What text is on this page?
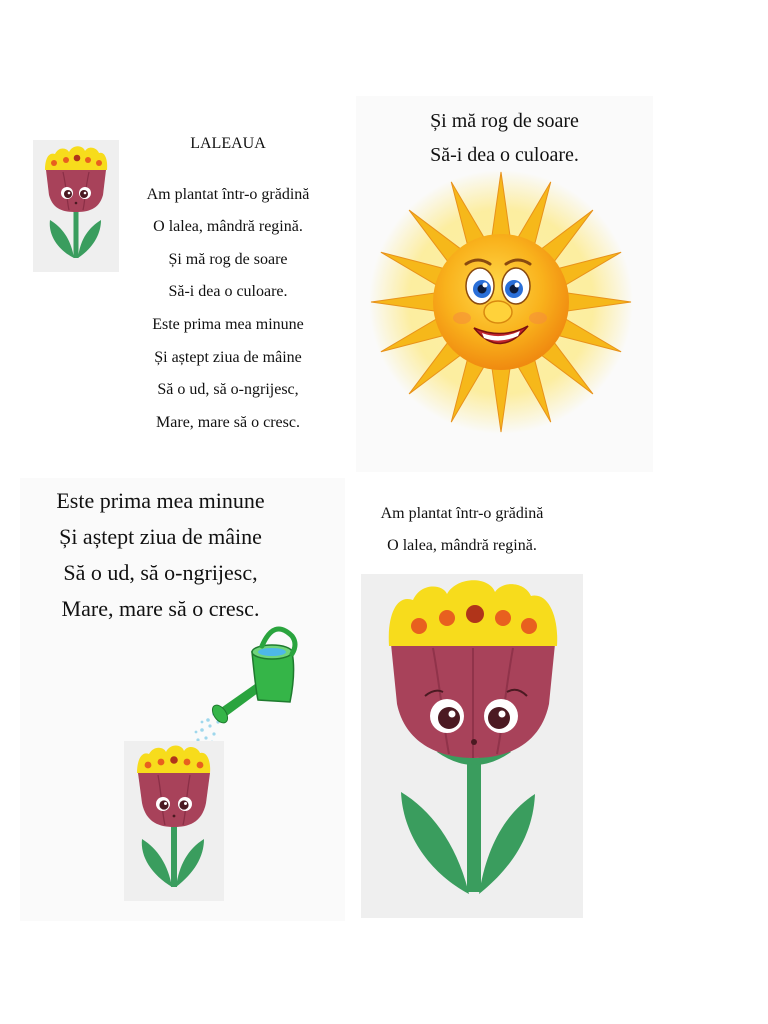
LALEAUA
Am plantat într-o grădină
O lalea, mândră regină.
Și mă rog de soare
Să-i dea o culoare.
Este prima mea minune
Și aștept ziua de mâine
Să o ud, să o-ngrijesc,
Mare, mare să o cresc.
Și mă rog de soare
Să-i dea o culoare.
Este prima mea minune
Și aștept ziua de mâine
Să o ud, să o-ngrijesc,
Mare, mare să o cresc.
Am plantat într-o grădină
O lalea, mândră regină.
